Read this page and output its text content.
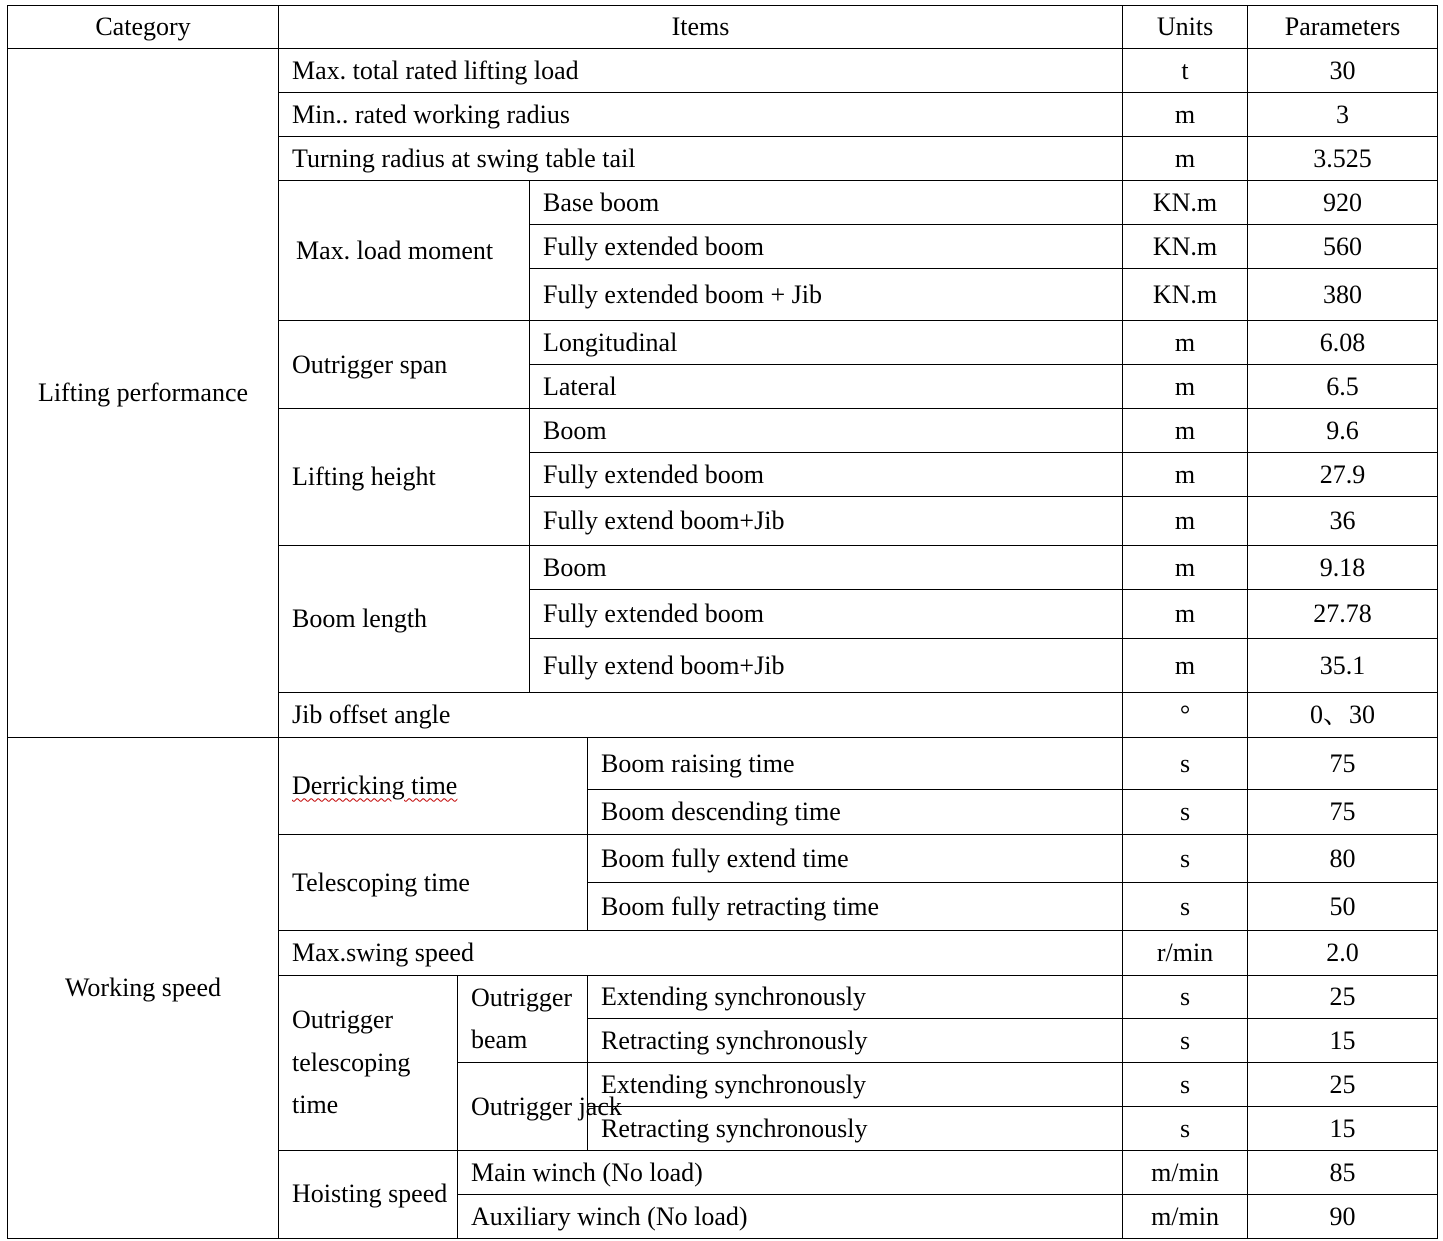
Category	Items				Units	Parameters
Lifting performance	Max. total rated lifting load				t	30
	Min.. rated working radius				m	3
	Turning radius at swing table tail				m	3.525
	Max. load moment		Base boom		KN.m	920
			Fully extended boom		KN.m	560
			Fully extended boom + Jib		KN.m	380
	Outrigger span		Longitudinal		m	6.08
			Lateral		m	6.5
	Lifting height		Boom		m	9.6
			Fully extended boom		m	27.9
			Fully extend boom+Jib		m	36
	Boom length		Boom		m	9.18
			Fully extended boom		m	27.78
			Fully extend boom+Jib		m	35.1
	Jib offset angle				°	0、30

Working speed	Derricking time			Boom raising time	s	75
				Boom descending time	s	75
	Telescoping time			Boom fully extend time	s	80
				Boom fully retracting time	s	50
	Max.swing speed				r/min	2.0
	Outrigger telescoping time	Outrigger beam		Extending synchronously	s	25
				Retracting synchronously	s	15
		Outrigger jack		Extending synchronously	s	25
				Retracting synchronously	s	15
	Hoisting speed	Main winch (No load)			m/min	85
		Auxiliary winch (No load)			m/min	90
